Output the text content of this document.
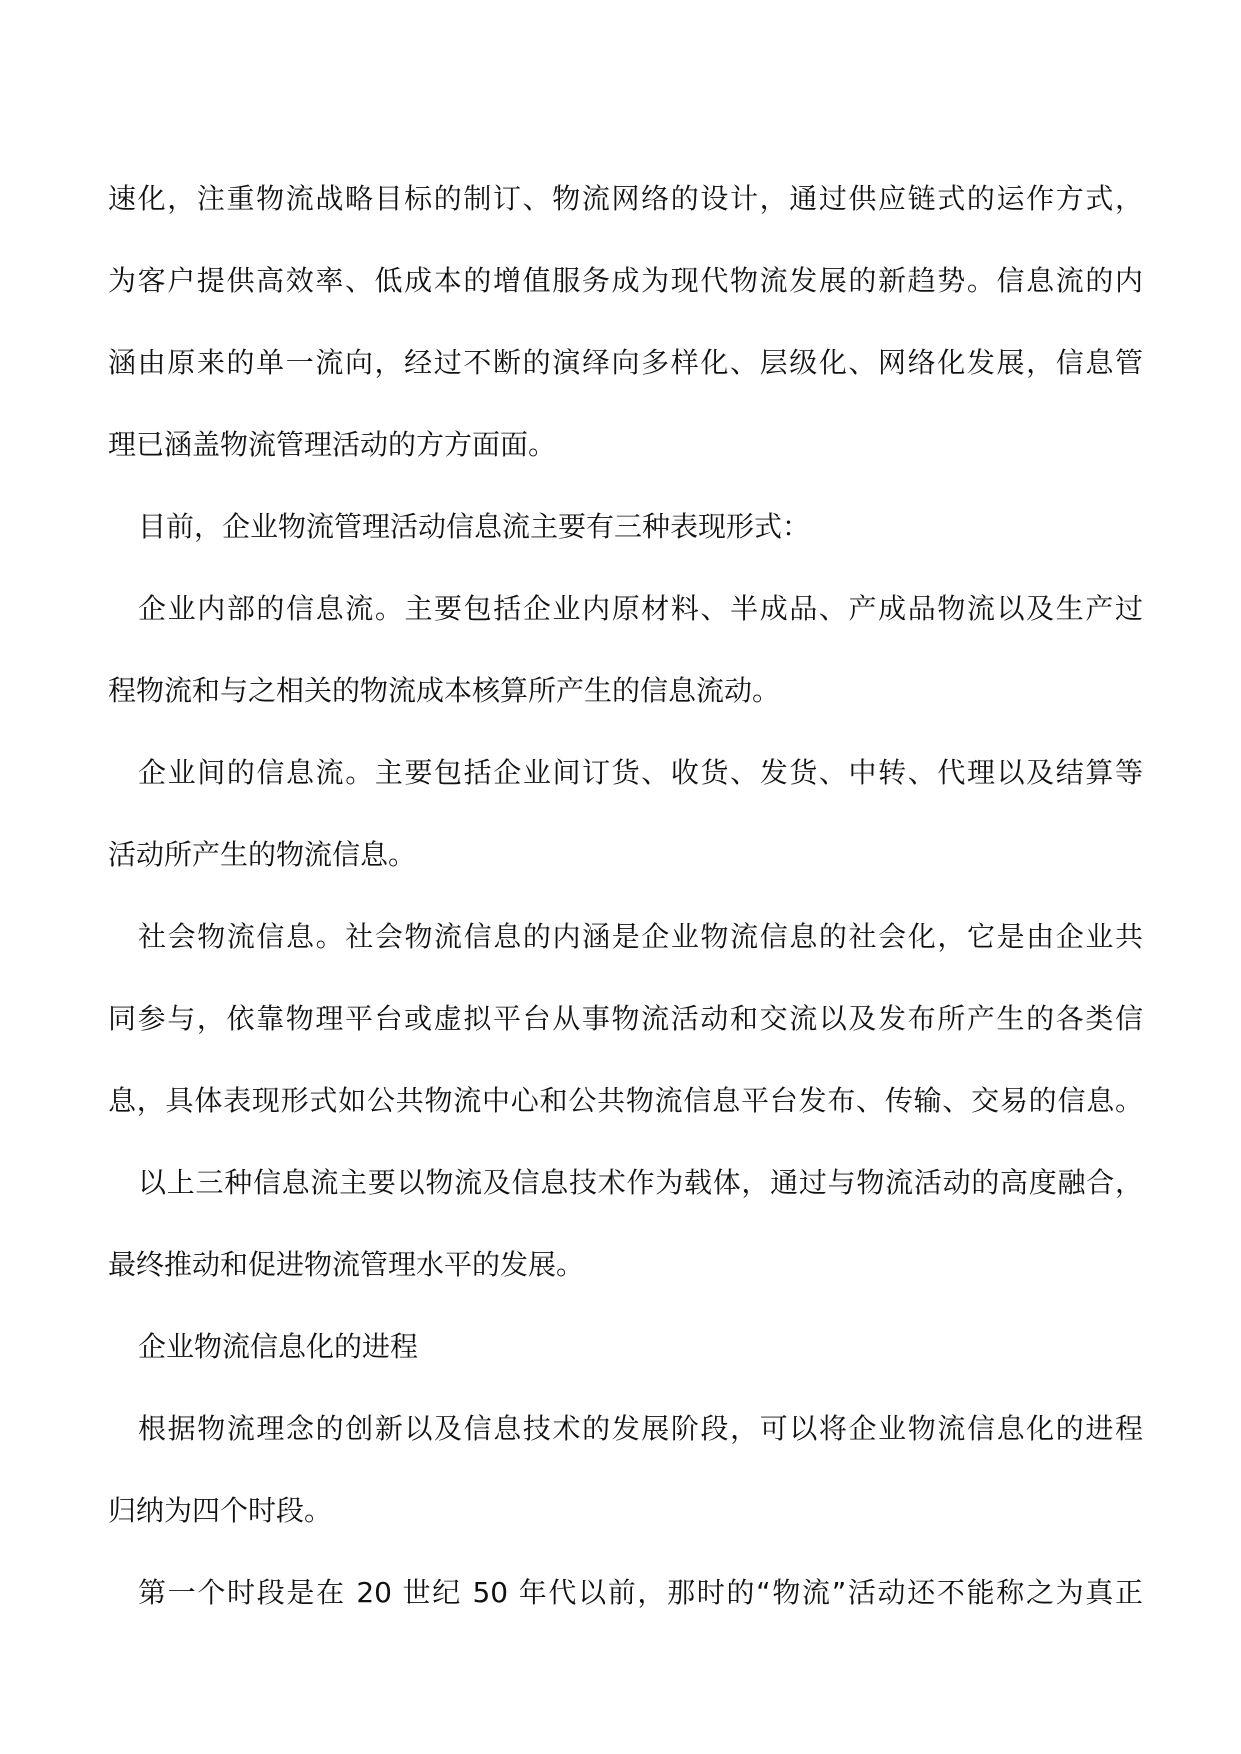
速化，注重物流战略目标的制订、物流网络的设计，通过供应链式的运作方式，
为客户提供高效率、低成本的增值服务成为现代物流发展的新趋势。信息流的内
涵由原来的单一流向，经过不断的演绎向多样化、层级化、网络化发展，信息管
理已涵盖物流管理活动的方方面面。
目前，企业物流管理活动信息流主要有三种表现形式：
企业内部的信息流。主要包括企业内原材料、半成品、产成品物流以及生产过
程物流和与之相关的物流成本核算所产生的信息流动。
企业间的信息流。主要包括企业间订货、收货、发货、中转、代理以及结算等
活动所产生的物流信息。
社会物流信息。社会物流信息的内涵是企业物流信息的社会化，它是由企业共
同参与，依靠物理平台或虚拟平台从事物流活动和交流以及发布所产生的各类信
息，具体表现形式如公共物流中心和公共物流信息平台发布、传输、交易的信息。
以上三种信息流主要以物流及信息技术作为载体，通过与物流活动的高度融合，
最终推动和促进物流管理水平的发展。
企业物流信息化的进程
根据物流理念的创新以及信息技术的发展阶段，可以将企业物流信息化的进程
归纳为四个时段。
第一个时段是在 20 世纪 50 年代以前，那时的“物流”活动还不能称之为真正
